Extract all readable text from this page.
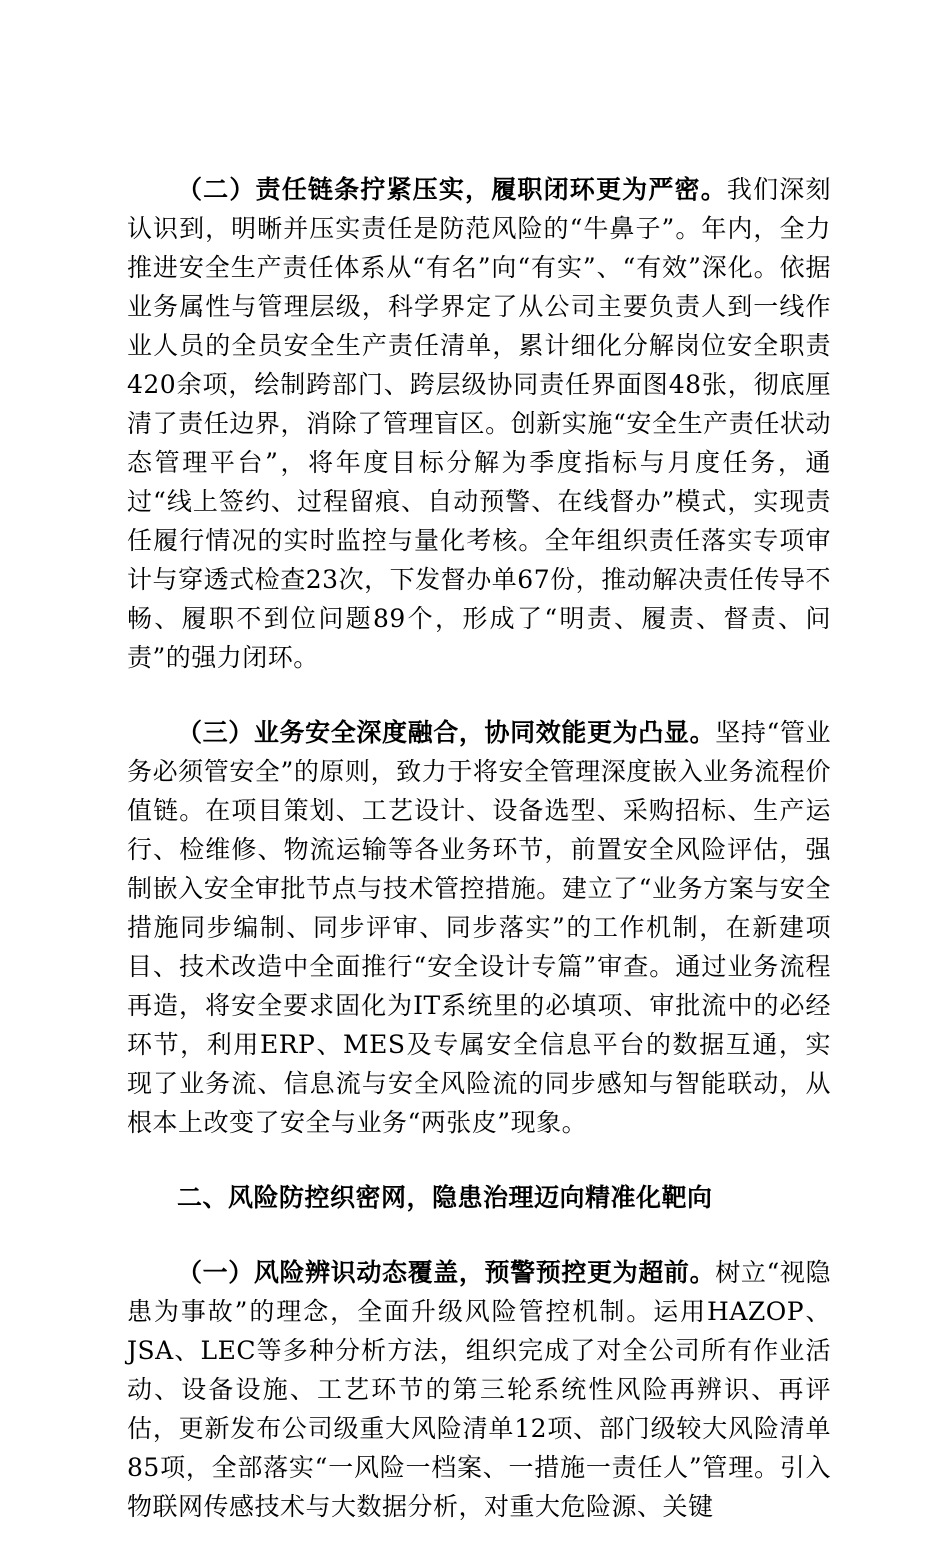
（二）责任链条拧紧压实，履职闭环更为严密。我们深刻认识到，明晰并压实责任是防范风险的“牛鼻子”。年内，全力推进安全生产责任体系从“有名”向“有实”、“有效”深化。依据业务属性与管理层级，科学界定了从公司主要负责人到一线作业人员的全员安全生产责任清单，累计细化分解岗位安全职责420余项，绘制跨部门、跨层级协同责任界面图48张，彻底厘清了责任边界，消除了管理盲区。创新实施“安全生产责任状动态管理平台”，将年度目标分解为季度指标与月度任务，通过“线上签约、过程留痕、自动预警、在线督办”模式，实现责任履行情况的实时监控与量化考核。全年组织责任落实专项审计与穿透式检查23次，下发督办单67份，推动解决责任传导不畅、履职不到位问题89个，形成了“明责、履责、督责、问责”的强力闭环。

（三）业务安全深度融合，协同效能更为凸显。坚持“管业务必须管安全”的原则，致力于将安全管理深度嵌入业务流程价值链。在项目策划、工艺设计、设备选型、采购招标、生产运行、检维修、物流运输等各业务环节，前置安全风险评估，强制嵌入安全审批节点与技术管控措施。建立了“业务方案与安全措施同步编制、同步评审、同步落实”的工作机制，在新建项目、技术改造中全面推行“安全设计专篇”审查。通过业务流程再造，将安全要求固化为IT系统里的必填项、审批流中的必经环节，利用ERP、MES及专属安全信息平台的数据互通，实现了业务流、信息流与安全风险流的同步感知与智能联动，从根本上改变了安全与业务“两张皮”现象。

二、风险防控织密网，隐患治理迈向精准化靶向

（一）风险辨识动态覆盖，预警预控更为超前。树立“视隐患为事故”的理念，全面升级风险管控机制。运用HAZOP、JSA、LEC等多种分析方法，组织完成了对全公司所有作业活动、设备设施、工艺环节的第三轮系统性风险再辨识、再评估，更新发布公司级重大风险清单12项、部门级较大风险清单85项，全部落实“一风险一档案、一措施一责任人”管理。引入物联网传感技术与大数据分析，对重大危险源、关键
